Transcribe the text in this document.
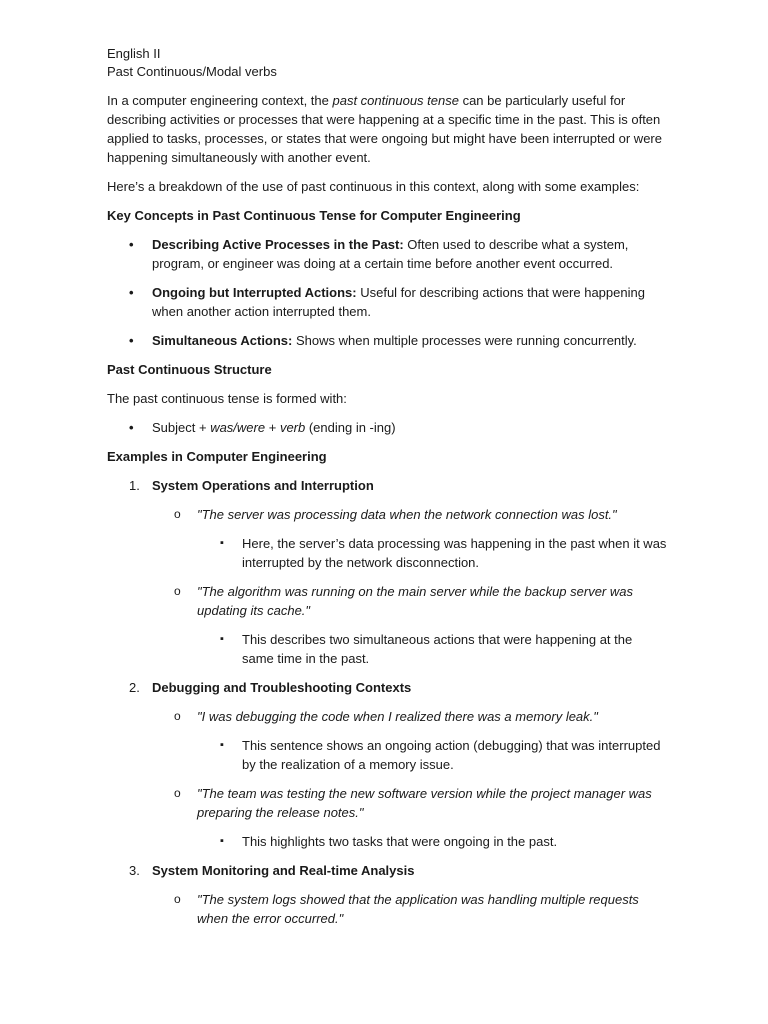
English II

Past Continuous/Modal verbs

In a computer engineering context, the past continuous tense can be particularly useful for describing activities or processes that were happening at a specific time in the past. This is often applied to tasks, processes, or states that were ongoing but might have been interrupted or were happening simultaneously with another event.

Here’s a breakdown of the use of past continuous in this context, along with some examples:

Key Concepts in Past Continuous Tense for Computer Engineering

• Describing Active Processes in the Past: Often used to describe what a system, program, or engineer was doing at a certain time before another event occurred.
• Ongoing but Interrupted Actions: Useful for describing actions that were happening when another action interrupted them.
• Simultaneous Actions: Shows when multiple processes were running concurrently.

Past Continuous Structure

The past continuous tense is formed with:

• Subject + was/were + verb (ending in -ing)

Examples in Computer Engineering

1. System Operations and Interruption
o "The server was processing data when the network connection was lost."
▪ Here, the server’s data processing was happening in the past when it was interrupted by the network disconnection.
o "The algorithm was running on the main server while the backup server was updating its cache."
▪ This describes two simultaneous actions that were happening at the same time in the past.
2. Debugging and Troubleshooting Contexts
o "I was debugging the code when I realized there was a memory leak."
▪ This sentence shows an ongoing action (debugging) that was interrupted by the realization of a memory issue.
o "The team was testing the new software version while the project manager was preparing the release notes."
▪ This highlights two tasks that were ongoing in the past.
3. System Monitoring and Real-time Analysis
o "The system logs showed that the application was handling multiple requests when the error occurred."
